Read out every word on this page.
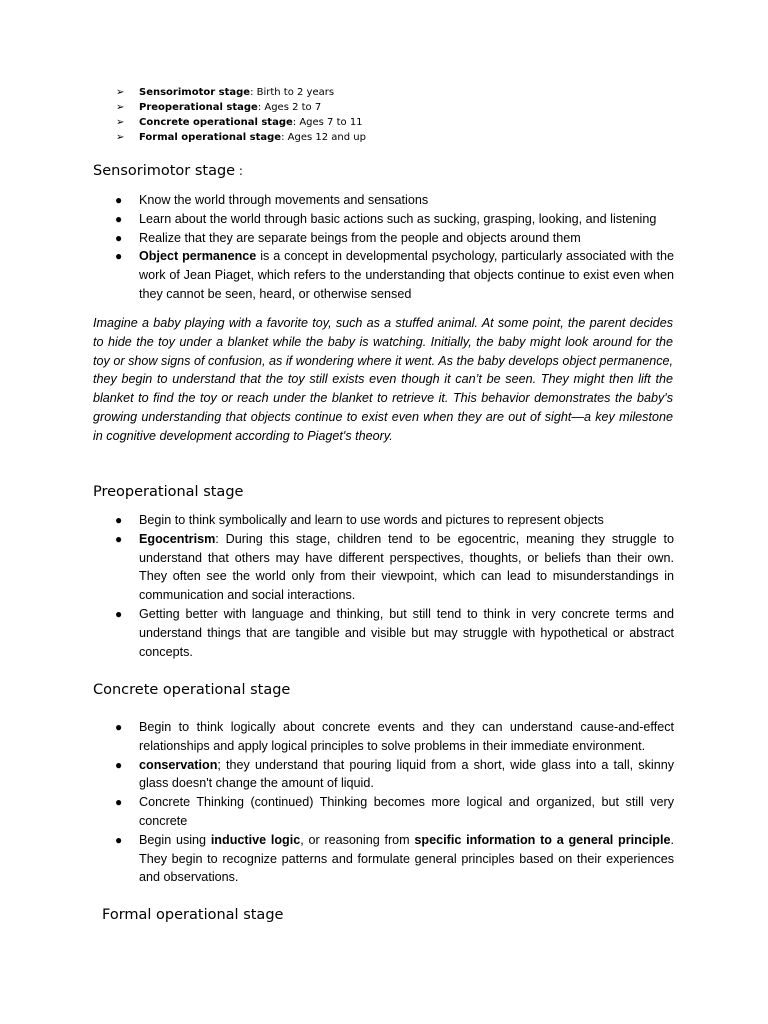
➢ Sensorimotor stage: Birth to 2 years
➢ Preoperational stage: Ages 2 to 7
➢ Concrete operational stage: Ages 7 to 11
➢ Formal operational stage: Ages 12 and up
Sensorimotor stage :
● Know the world through movements and sensations
● Learn about the world through basic actions such as sucking, grasping, looking, and listening
● Realize that they are separate beings from the people and objects around them
● Object permanence is a concept in developmental psychology, particularly associated with the work of Jean Piaget, which refers to the understanding that objects continue to exist even when they cannot be seen, heard, or otherwise sensed

Imagine a baby playing with a favorite toy, such as a stuffed animal. At some point, the parent decides to hide the toy under a blanket while the baby is watching. Initially, the baby might look around for the toy or show signs of confusion, as if wondering where it went. As the baby develops object permanence, they begin to understand that the toy still exists even though it can’t be seen. They might then lift the blanket to find the toy or reach under the blanket to retrieve it. This behavior demonstrates the baby's growing understanding that objects continue to exist even when they are out of sight—a key milestone in cognitive development according to Piaget's theory.

Preoperational stage
● Begin to think symbolically and learn to use words and pictures to represent objects
● Egocentrism: During this stage, children tend to be egocentric, meaning they struggle to understand that others may have different perspectives, thoughts, or beliefs than their own. They often see the world only from their viewpoint, which can lead to misunderstandings in communication and social interactions.
● Getting better with language and thinking, but still tend to think in very concrete terms and understand things that are tangible and visible but may struggle with hypothetical or abstract concepts.
Concrete operational stage
● Begin to think logically about concrete events and they can understand cause-and-effect relationships and apply logical principles to solve problems in their immediate environment.
● conservation; they understand that pouring liquid from a short, wide glass into a tall, skinny glass doesn't change the amount of liquid.
● Concrete Thinking (continued) Thinking becomes more logical and organized, but still very concrete
● Begin using inductive logic, or reasoning from specific information to a general principle. They begin to recognize patterns and formulate general principles based on their experiences and observations.
Formal operational stage
